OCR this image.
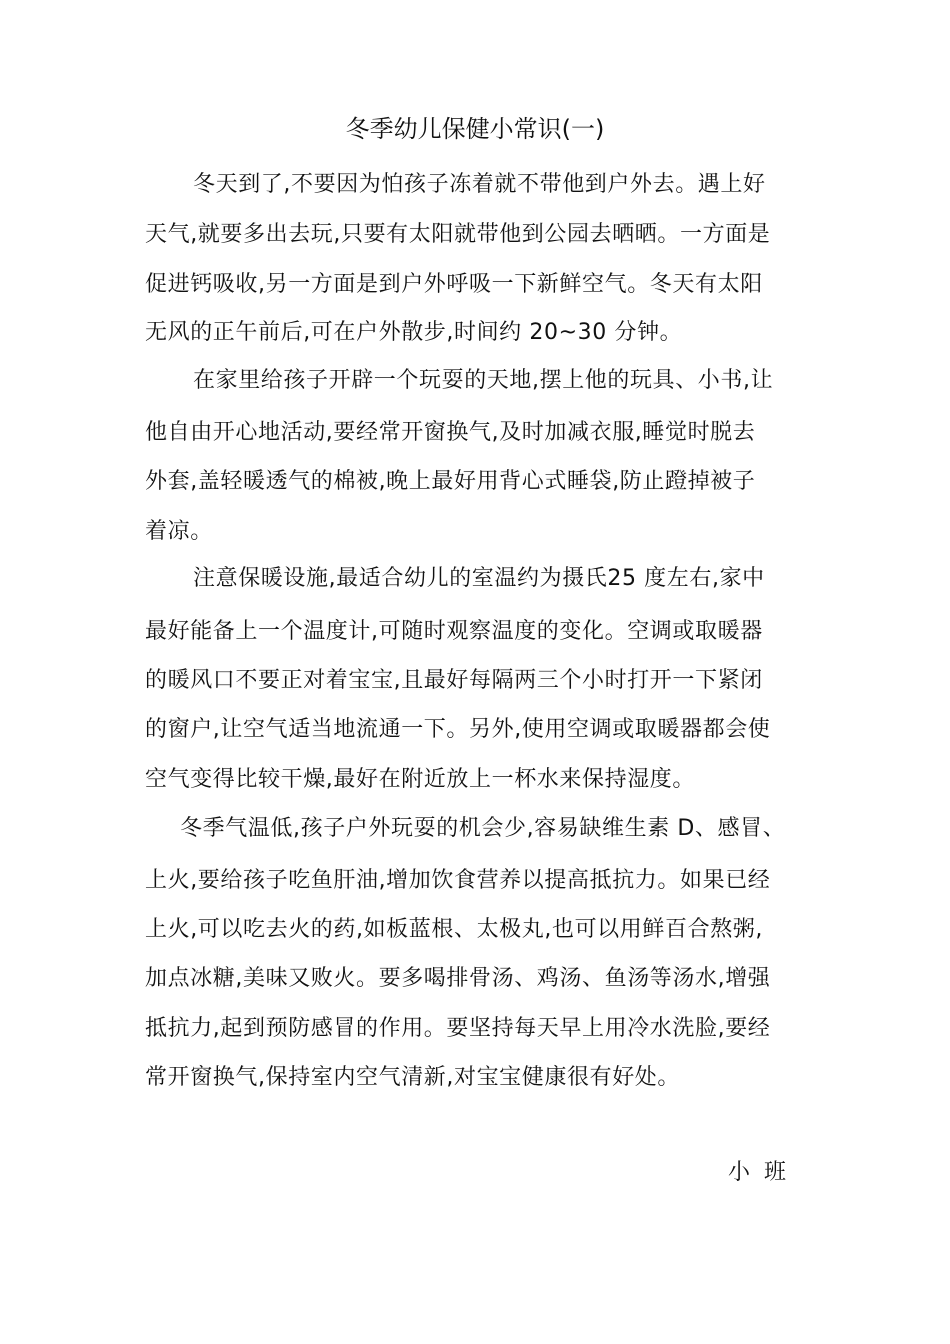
冬季幼儿保健小常识(一)
冬天到了,不要因为怕孩子冻着就不带他到户外去。遇上好
天气,就要多出去玩,只要有太阳就带他到公园去晒晒。一方面是
促进钙吸收,另一方面是到户外呼吸一下新鲜空气。冬天有太阳
无风的正午前后,可在户外散步,时间约 20~30 分钟。
在家里给孩子开辟一个玩耍的天地,摆上他的玩具、小书,让
他自由开心地活动,要经常开窗换气,及时加减衣服,睡觉时脱去
外套,盖轻暖透气的棉被,晚上最好用背心式睡袋,防止蹬掉被子
着凉。
注意保暖设施,最适合幼儿的室温约为摄氏25 度左右,家中
最好能备上一个温度计,可随时观察温度的变化。空调或取暖器
的暖风口不要正对着宝宝,且最好每隔两三个小时打开一下紧闭
的窗户,让空气适当地流通一下。另外,使用空调或取暖器都会使
空气变得比较干燥,最好在附近放上一杯水来保持湿度。
冬季气温低,孩子户外玩耍的机会少,容易缺维生素 D、感冒、
上火,要给孩子吃鱼肝油,增加饮食营养以提高抵抗力。如果已经
上火,可以吃去火的药,如板蓝根、太极丸,也可以用鲜百合熬粥,
加点冰糖,美味又败火。要多喝排骨汤、鸡汤、鱼汤等汤水,增强
抵抗力,起到预防感冒的作用。要坚持每天早上用冷水洗脸,要经
常开窗换气,保持室内空气清新,对宝宝健康很有好处。
小  班
